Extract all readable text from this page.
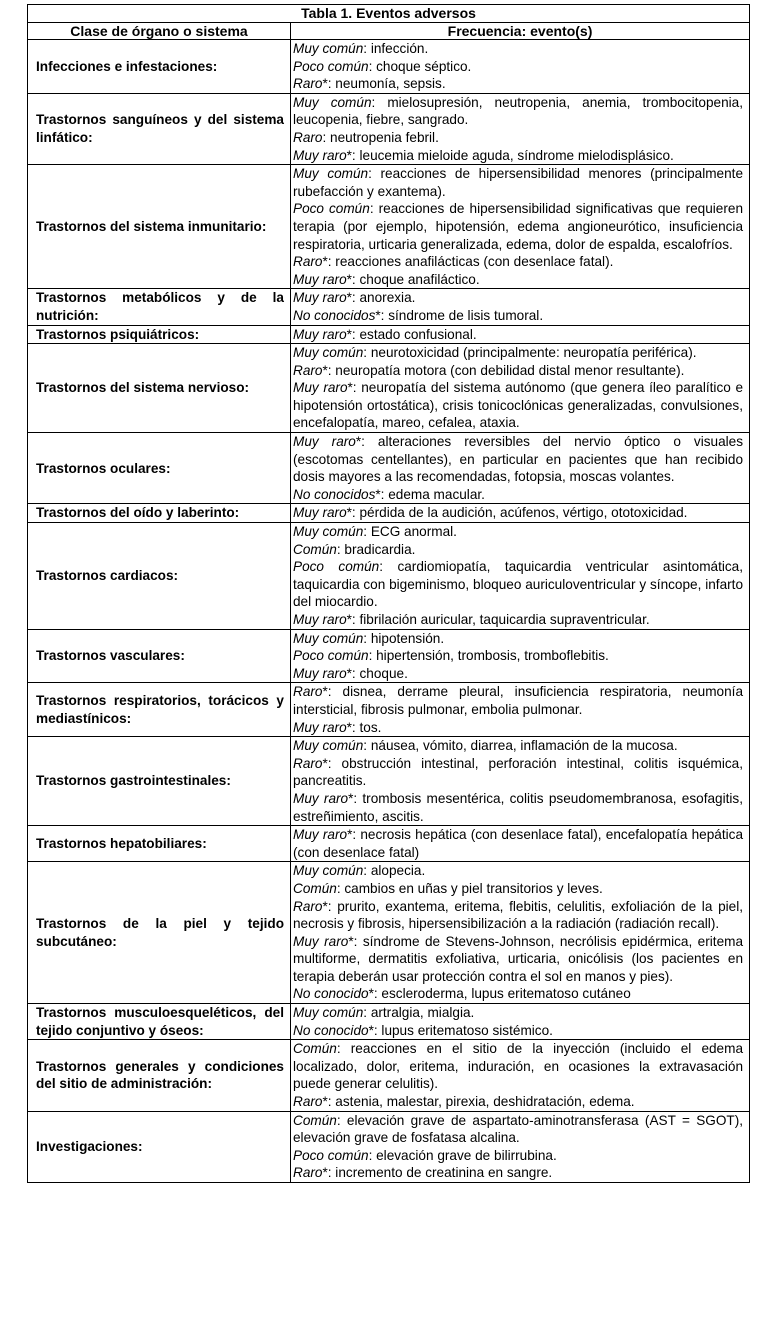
Tabla 1. Eventos adversos	
Clase de órgano o sistema	Frecuencia: evento(s)
Infecciones e infestaciones:	Muy común: infección.
Poco común: choque séptico.
Raro*: neumonía, sepsis.

Trastornos sanguíneos y del sistema linfático:	Muy común: mielosupresión, neutropenia, anemia, trombocitopenia, leucopenia, fiebre, sangrado.
Raro: neutropenia febril.
Muy raro*: leucemia mieloide aguda, síndrome mielodisplásico.

Trastornos del sistema inmunitario:	Muy común: reacciones de hipersensibilidad menores (principalmente rubefacción y exantema).
Poco común: reacciones de hipersensibilidad significativas que requieren terapia (por ejemplo, hipotensión, edema angioneurótico, insuficiencia respiratoria, urticaria generalizada, edema, dolor de espalda, escalofríos.
Raro*: reacciones anafilácticas (con desenlace fatal).
Muy raro*: choque anafiláctico.

Trastornos metabólicos y de la nutrición:	Muy raro*: anorexia.
No conocidos*: síndrome de lisis tumoral.

Trastornos psiquiátricos:	Muy raro*: estado confusional.

Trastornos del sistema nervioso:	Muy común: neurotoxicidad (principalmente: neuropatía periférica).
Raro*: neuropatía motora (con debilidad distal menor resultante).
Muy raro*: neuropatía del sistema autónomo (que genera íleo paralítico e hipotensión ortostática), crisis tonicoclónicas generalizadas, convulsiones, encefalopatía, mareo, cefalea, ataxia.

Trastornos oculares:	Muy raro*: alteraciones reversibles del nervio óptico o visuales (escotomas centellantes), en particular en pacientes que han recibido dosis mayores a las recomendadas, fotopsia, moscas volantes.
No conocidos*: edema macular.

Trastornos del oído y laberinto:	Muy raro*: pérdida de la audición, acúfenos, vértigo, ototoxicidad.

Trastornos cardiacos:	Muy común: ECG anormal.
Común: bradicardia.
Poco común: cardiomiopatía, taquicardia ventricular asintomática, taquicardia con bigeminismo, bloqueo auriculoventricular y síncope, infarto del miocardio.
Muy raro*: fibrilación auricular, taquicardia supraventricular.

Trastornos vasculares:	Muy común: hipotensión.
Poco común: hipertensión, trombosis, tromboflebitis.
Muy raro*: choque.

Trastornos respiratorios, torácicos y mediastínicos:	Raro*: disnea, derrame pleural, insuficiencia respiratoria, neumonía intersticial, fibrosis pulmonar, embolia pulmonar.
Muy raro*: tos.

Trastornos gastrointestinales:	Muy común: náusea, vómito, diarrea, inflamación de la mucosa.
Raro*: obstrucción intestinal, perforación intestinal, colitis isquémica, pancreatitis.
Muy raro*: trombosis mesentérica, colitis pseudomembranosa, esofagitis, estreñimiento, ascitis.

Trastornos hepatobiliares:	Muy raro*: necrosis hepática (con desenlace fatal), encefalopatía hepática (con desenlace fatal)

Trastornos de la piel y tejido subcutáneo:	Muy común: alopecia.
Común: cambios en uñas y piel transitorios y leves.
Raro*: prurito, exantema, eritema, flebitis, celulitis, exfoliación de la piel, necrosis y fibrosis, hipersensibilización a la radiación (radiación recall).
Muy raro*: síndrome de Stevens-Johnson, necrólisis epidérmica, eritema multiforme, dermatitis exfoliativa, urticaria, onicólisis (los pacientes en terapia deberán usar protección contra el sol en manos y pies).
No conocido*: escleroderma, lupus eritematoso cutáneo

Trastornos musculoesqueléticos, del tejido conjuntivo y óseos:	Muy común: artralgia, mialgia.
No conocido*: lupus eritematoso sistémico.

Trastornos generales y condiciones del sitio de administración:	Común: reacciones en el sitio de la inyección (incluido el edema localizado, dolor, eritema, induración, en ocasiones la extravasación puede generar celulitis).
Raro*: astenia, malestar, pirexia, deshidratación, edema.

Investigaciones:	Común: elevación grave de aspartato-aminotransferasa (AST = SGOT), elevación grave de fosfatasa alcalina.
Poco común: elevación grave de bilirrubina.
Raro*: incremento de creatinina en sangre.
